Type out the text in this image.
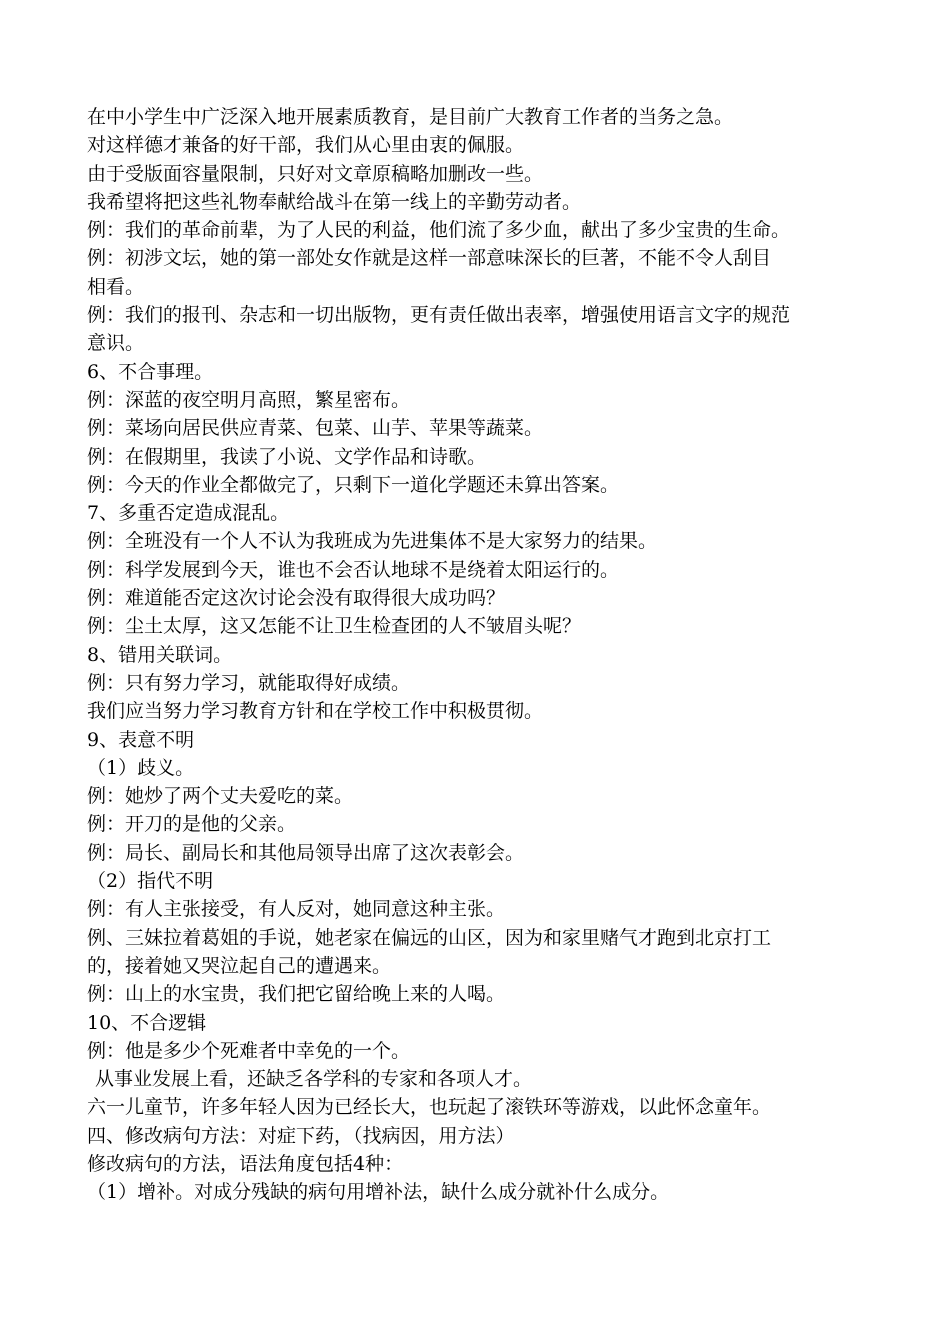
在中小学生中广泛深入地开展素质教育，是目前广大教育工作者的当务之急。
对这样德才兼备的好干部，我们从心里由衷的佩服。
由于受版面容量限制，只好对文章原稿略加删改一些。
我希望将把这些礼物奉献给战斗在第一线上的辛勤劳动者。
例：我们的革命前辈，为了人民的利益，他们流了多少血，献出了多少宝贵的生命。
例：初涉文坛，她的第一部处女作就是这样一部意味深长的巨著，不能不令人刮目
相看。
例：我们的报刊、杂志和一切出版物，更有责任做出表率，增强使用语言文字的规范
意识。
6、不合事理。
例：深蓝的夜空明月高照，繁星密布。
例：菜场向居民供应青菜、包菜、山芋、苹果等蔬菜。
例：在假期里，我读了小说、文学作品和诗歌。
例：今天的作业全都做完了，只剩下一道化学题还未算出答案。
7、多重否定造成混乱。
例：全班没有一个人不认为我班成为先进集体不是大家努力的结果。
例：科学发展到今天，谁也不会否认地球不是绕着太阳运行的。
例：难道能否定这次讨论会没有取得很大成功吗？
例：尘土太厚，这又怎能不让卫生检查团的人不皱眉头呢？
8、错用关联词。
例：只有努力学习，就能取得好成绩。
我们应当努力学习教育方针和在学校工作中积极贯彻。
9、表意不明
（1）歧义。
例：她炒了两个丈夫爱吃的菜。
例：开刀的是他的父亲。
例：局长、副局长和其他局领导出席了这次表彰会。
（2）指代不明
例：有人主张接受，有人反对，她同意这种主张。
例、三妹拉着葛姐的手说，她老家在偏远的山区，因为和家里赌气才跑到北京打工
的，接着她又哭泣起自己的遭遇来。
例：山上的水宝贵，我们把它留给晚上来的人喝。
10、不合逻辑
例：他是多少个死难者中幸免的一个。
从事业发展上看，还缺乏各学科的专家和各项人才。
六一儿童节，许多年轻人因为已经长大，也玩起了滚铁环等游戏，以此怀念童年。
四、修改病句方法：对症下药，（找病因，用方法）
修改病句的方法，语法角度包括4种：
（1）增补。对成分残缺的病句用增补法，缺什么成分就补什么成分。
